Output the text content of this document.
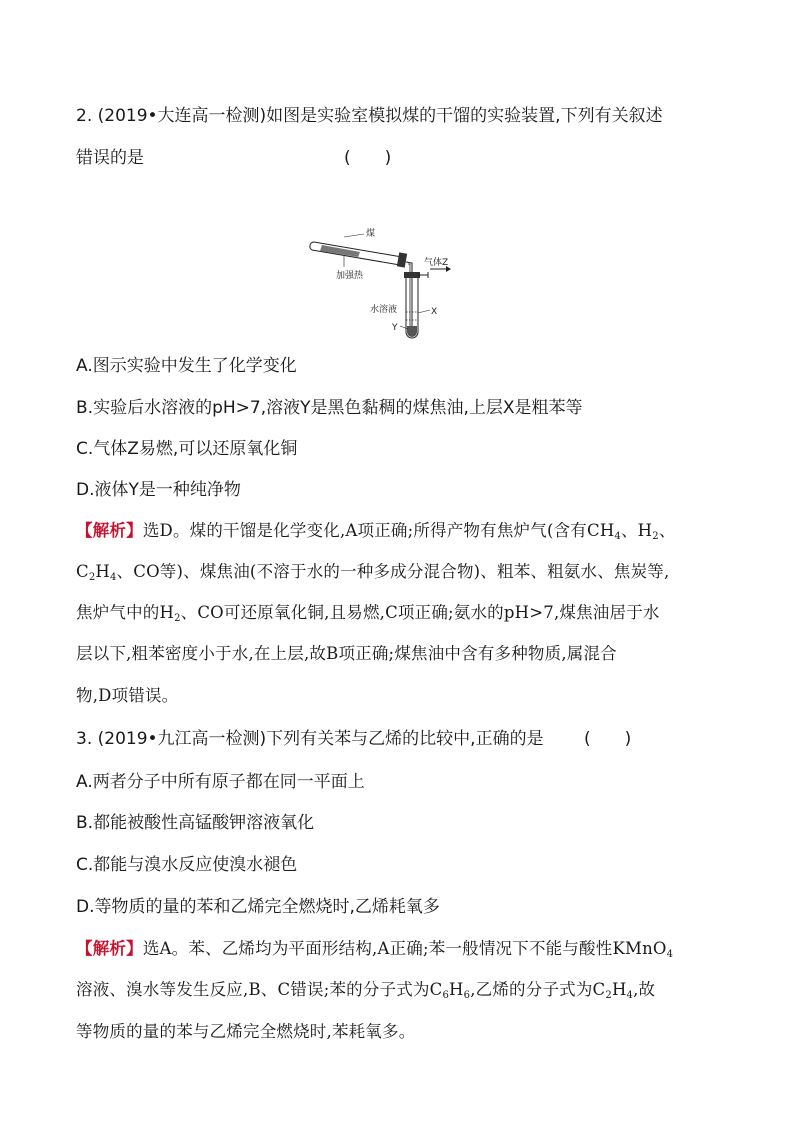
2. (2019•大连高一检测)如图是实验室模拟煤的干馏的实验装置,下列有关叙述
错误的是	(　　)
煤
加强热
气体Z
水溶液	X
Y
A.图示实验中发生了化学变化
B.实验后水溶液的pH>7,溶液Y是黑色黏稠的煤焦油,上层X是粗苯等
C.气体Z易燃,可以还原氧化铜
D.液体Y是一种纯净物
【解析】选D。煤的干馏是化学变化,A项正确;所得产物有焦炉气(含有$CH_4$、$H_2$、
$C_2H_4$、CO等)、煤焦油(不溶于水的一种多成分混合物)、粗苯、粗氨水、焦炭等,
焦炉气中的$H_2$、CO可还原氧化铜,且易燃,C项正确;氨水的pH>7,煤焦油居于水
层以下,粗苯密度小于水,在上层,故B项正确;煤焦油中含有多种物质,属混合
物,D项错误。
3. (2019•九江高一检测)下列有关苯与乙烯的比较中,正确的是 (　　)
A.两者分子中所有原子都在同一平面上
B.都能被酸性高锰酸钾溶液氧化
C.都能与溴水反应使溴水褪色
D.等物质的量的苯和乙烯完全燃烧时,乙烯耗氧多
【解析】选A。苯、乙烯均为平面形结构,A正确;苯一般情况下不能与酸性KMnO$_4$
溶液、溴水等发生反应,B、C错误;苯的分子式为$C_6H_6$,乙烯的分子式为$C_2H_4$,故
等物质的量的苯与乙烯完全燃烧时,苯耗氧多。
